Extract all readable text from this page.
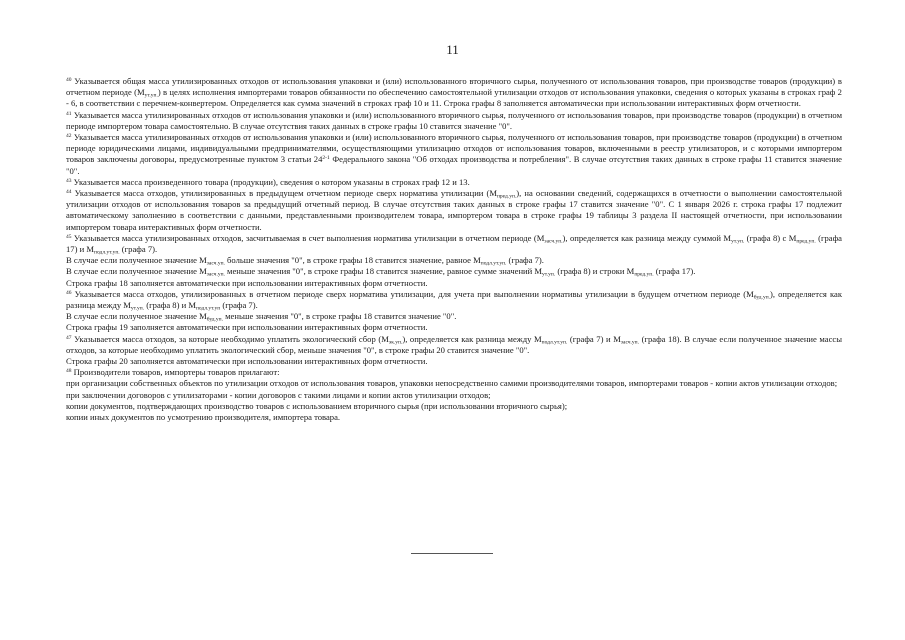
11

$^{40}$ Указывается общая масса утилизированных отходов от использования упаковки и (или) использованного вторичного сырья, полученного от использования товаров, при производстве товаров (продукции) в отчетном периоде $(М_{ут.уп.})$ в целях исполнения импортерами товаров обязанности по обеспечению самостоятельной утилизации отходов от использования упаковки, сведения о которых указаны в строках граф 2 - 6, в соответствии с перечнем-конвертером. Определяется как сумма значений в строках граф 10 и 11. Строка графы 8 заполняется автоматически при использовании интерактивных форм отчетности.

$^{41}$ Указывается масса утилизированных отходов от использования упаковки и (или) использованного вторичного сырья, полученного от использования товаров, при производстве товаров (продукции) в отчетном периоде импортером товара самостоятельно. В случае отсутствия таких данных в строке графы 10 ставится значение "0".

$^{42}$ Указывается масса утилизированных отходов от использования упаковки и (или) использованного вторичного сырья, полученного от использования товаров, при производстве товаров (продукции) в отчетном периоде юридическими лицами, индивидуальными предпринимателями, осуществляющими утилизацию отходов от использования товаров, включенными в реестр утилизаторов, и с которыми импортером товаров заключены договоры, предусмотренные пунктом 3 статьи 24$^{2-1}$ Федерального закона "Об отходах производства и потребления". В случае отсутствия таких данных в строке графы 11 ставится значение "0".

$^{43}$ Указывается масса произведенного товара (продукции), сведения о котором указаны в строках граф 12 и 13.

$^{44}$ Указывается масса отходов, утилизированных в предыдущем отчетном периоде сверх норматива утилизации $(М_{пред.уп.})$, на основании сведений, содержащихся в отчетности о выполнении самостоятельной утилизации отходов от использования товаров за предыдущий отчетный период. В случае отсутствия таких данных в строке графы 17 ставится значение "0". С 1 января 2026 г. строка графы 17 подлежит автоматическому заполнению в соответствии с данными, представленными производителем товара, импортером товара в строке графы 19 таблицы 3 раздела II настоящей отчетности, при использовании импортером товара интерактивных форм отчетности.

$^{45}$ Указывается масса утилизированных отходов, засчитываемая в счет выполнения норматива утилизации в отчетном периоде $(М_{засч.уп.})$, определяется как разница между суммой $М_{ут.уп.}$ (графа 8) с $М_{пред.уп.}$ (графа 17) и $М_{подл.ут.уп.}$ (графа 7).

В случае если полученное значение $М_{засч.уп.}$ больше значения "0", в строке графы 18 ставится значение, равное $М_{подл.ут.уп.}$ (графа 7).

В случае если полученное значение $М_{засч.уп.}$ меньше значения "0", в строке графы 18 ставится значение, равное сумме значений $М_{ут.уп.}$ (графа 8) и строки $М_{пред.уп.}$ (графа 17).

Строка графы 18 заполняется автоматически при использовании интерактивных форм отчетности.

$^{46}$ Указывается масса отходов, утилизированных в отчетном периоде сверх норматива утилизации, для учета при выполнении нормативы утилизации в будущем отчетном периоде $(М_{буд.уп.})$, определяется как разница между $М_{ут.уп.}$ (графа 8) и $М_{подл.ут.уп}$ (графа 7).

В случае если полученное значение $М_{буд.уп.}$ меньше значения "0", в строке графы 18 ставится значение "0".

Строка графы 19 заполняется автоматически при использовании интерактивных форм отчетности.

$^{47}$ Указывается масса отходов, за которые необходимо уплатить экологический сбор $(М_{эк.уп.})$, определяется как разница между $М_{подл.ут.уп.}$ (графа 7) и $М_{засч.уп.}$ (графа 18). В случае если полученное значение массы отходов, за которые необходимо уплатить экологический сбор, меньше значения "0", в строке графы 20 ставится значение "0".

Строка графы 20 заполняется автоматически при использовании интерактивных форм отчетности.

$^{48}$ Производители товаров, импортеры товаров прилагают:

при организации собственных объектов по утилизации отходов от использования товаров, упаковки непосредственно самими производителями товаров, импортерами товаров - копии актов утилизации отходов;

при заключении договоров с утилизаторами - копии договоров с такими лицами и копии актов утилизации отходов;

копии документов, подтверждающих производство товаров с использованием вторичного сырья (при использовании вторичного сырья);

копии иных документов по усмотрению производителя, импортера товара.
